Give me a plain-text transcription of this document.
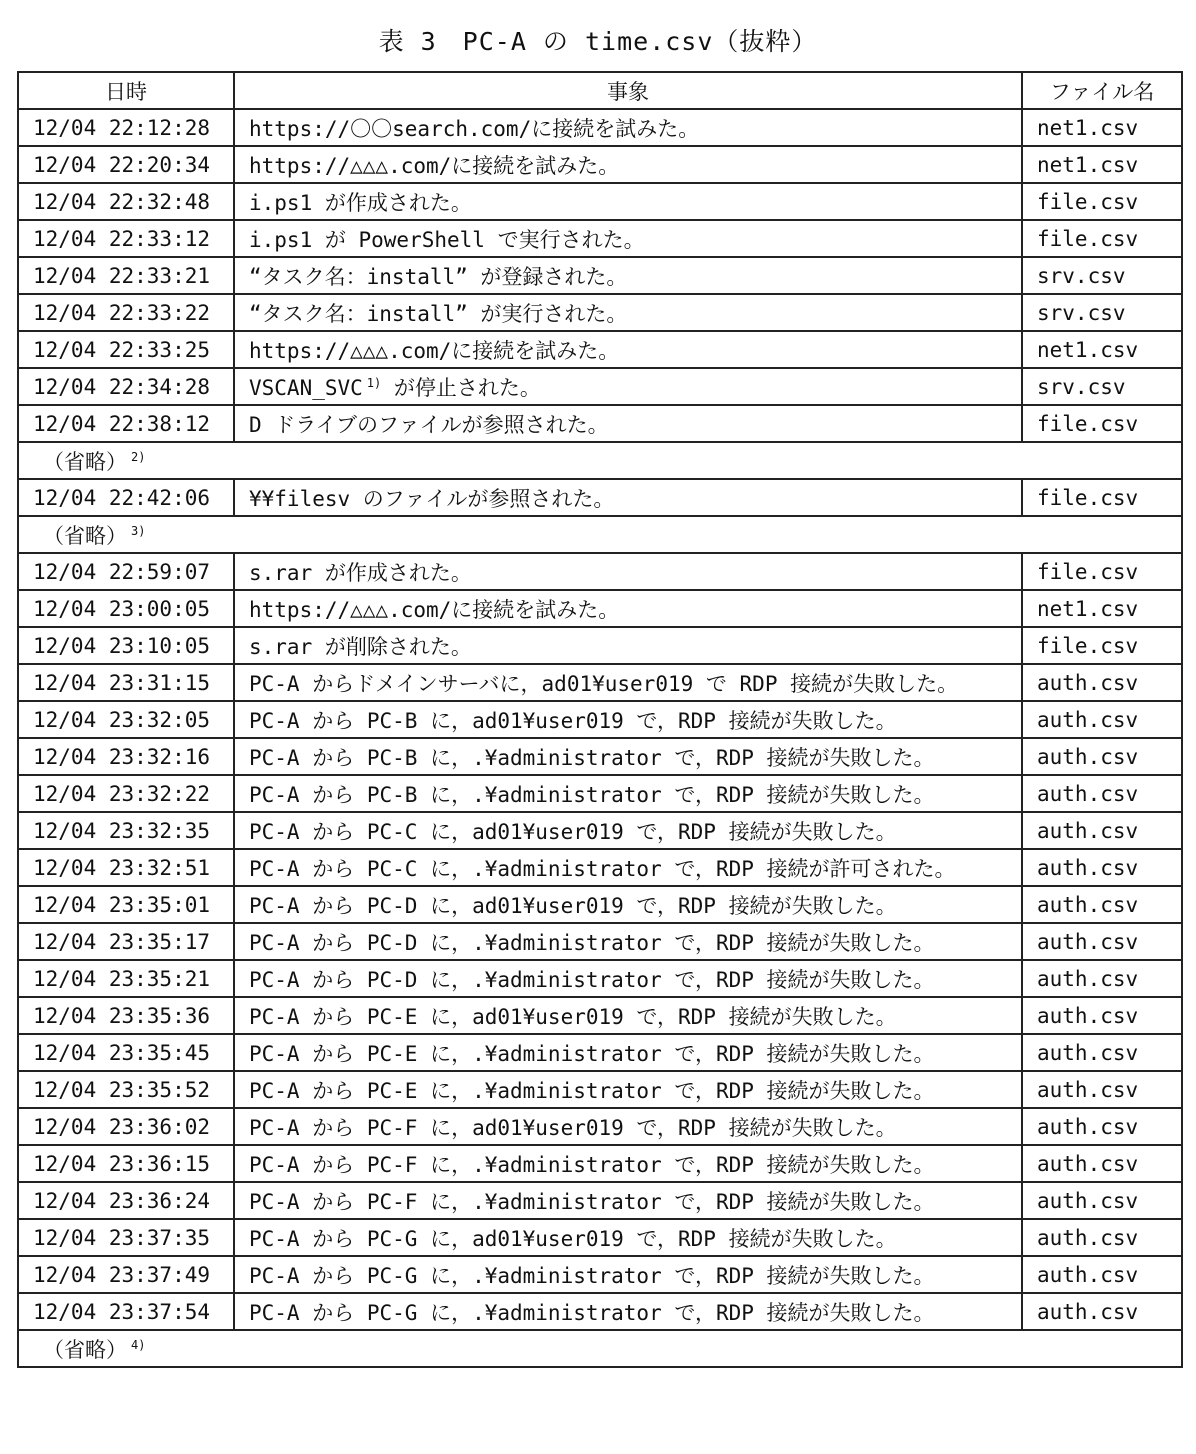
表 3　PC-A の time.csv（抜粋）
日時	事象	ファイル名
12/04 22:12:28	https://〇〇search.com/に接続を試みた。	net1.csv
12/04 22:20:34	https://△△△.com/に接続を試みた。	net1.csv
12/04 22:32:48	i.ps1 が作成された。	file.csv
12/04 22:33:12	i.ps1 が PowerShell で実行された。	file.csv
12/04 22:33:21	“タスク名：install” が登録された。	srv.csv
12/04 22:33:22	“タスク名：install” が実行された。	srv.csv
12/04 22:33:25	https://△△△.com/に接続を試みた。	net1.csv
12/04 22:34:28	VSCAN_SVC $^{1)}$ が停止された。	srv.csv
12/04 22:38:12	D ドライブのファイルが参照された。	file.csv
（省略） $^{2)}$
12/04 22:42:06	¥¥filesv のファイルが参照された。	file.csv
（省略） $^{3)}$
12/04 22:59:07	s.rar が作成された。	file.csv
12/04 23:00:05	https://△△△.com/に接続を試みた。	net1.csv
12/04 23:10:05	s.rar が削除された。	file.csv
12/04 23:31:15	PC-A からドメインサーバに，ad01¥user019 で RDP 接続が失敗した。	auth.csv
12/04 23:32:05	PC-A から PC-B に，ad01¥user019 で，RDP 接続が失敗した。	auth.csv
12/04 23:32:16	PC-A から PC-B に，.¥administrator で，RDP 接続が失敗した。	auth.csv
12/04 23:32:22	PC-A から PC-B に，.¥administrator で，RDP 接続が失敗した。	auth.csv
12/04 23:32:35	PC-A から PC-C に，ad01¥user019 で，RDP 接続が失敗した。	auth.csv
12/04 23:32:51	PC-A から PC-C に，.¥administrator で，RDP 接続が許可された。	auth.csv
12/04 23:35:01	PC-A から PC-D に，ad01¥user019 で，RDP 接続が失敗した。	auth.csv
12/04 23:35:17	PC-A から PC-D に，.¥administrator で，RDP 接続が失敗した。	auth.csv
12/04 23:35:21	PC-A から PC-D に，.¥administrator で，RDP 接続が失敗した。	auth.csv
12/04 23:35:36	PC-A から PC-E に，ad01¥user019 で，RDP 接続が失敗した。	auth.csv
12/04 23:35:45	PC-A から PC-E に，.¥administrator で，RDP 接続が失敗した。	auth.csv
12/04 23:35:52	PC-A から PC-E に，.¥administrator で，RDP 接続が失敗した。	auth.csv
12/04 23:36:02	PC-A から PC-F に，ad01¥user019 で，RDP 接続が失敗した。	auth.csv
12/04 23:36:15	PC-A から PC-F に，.¥administrator で，RDP 接続が失敗した。	auth.csv
12/04 23:36:24	PC-A から PC-F に，.¥administrator で，RDP 接続が失敗した。	auth.csv
12/04 23:37:35	PC-A から PC-G に，ad01¥user019 で，RDP 接続が失敗した。	auth.csv
12/04 23:37:49	PC-A から PC-G に，.¥administrator で，RDP 接続が失敗した。	auth.csv
12/04 23:37:54	PC-A から PC-G に，.¥administrator で，RDP 接続が失敗した。	auth.csv
（省略） $^{4)}$
